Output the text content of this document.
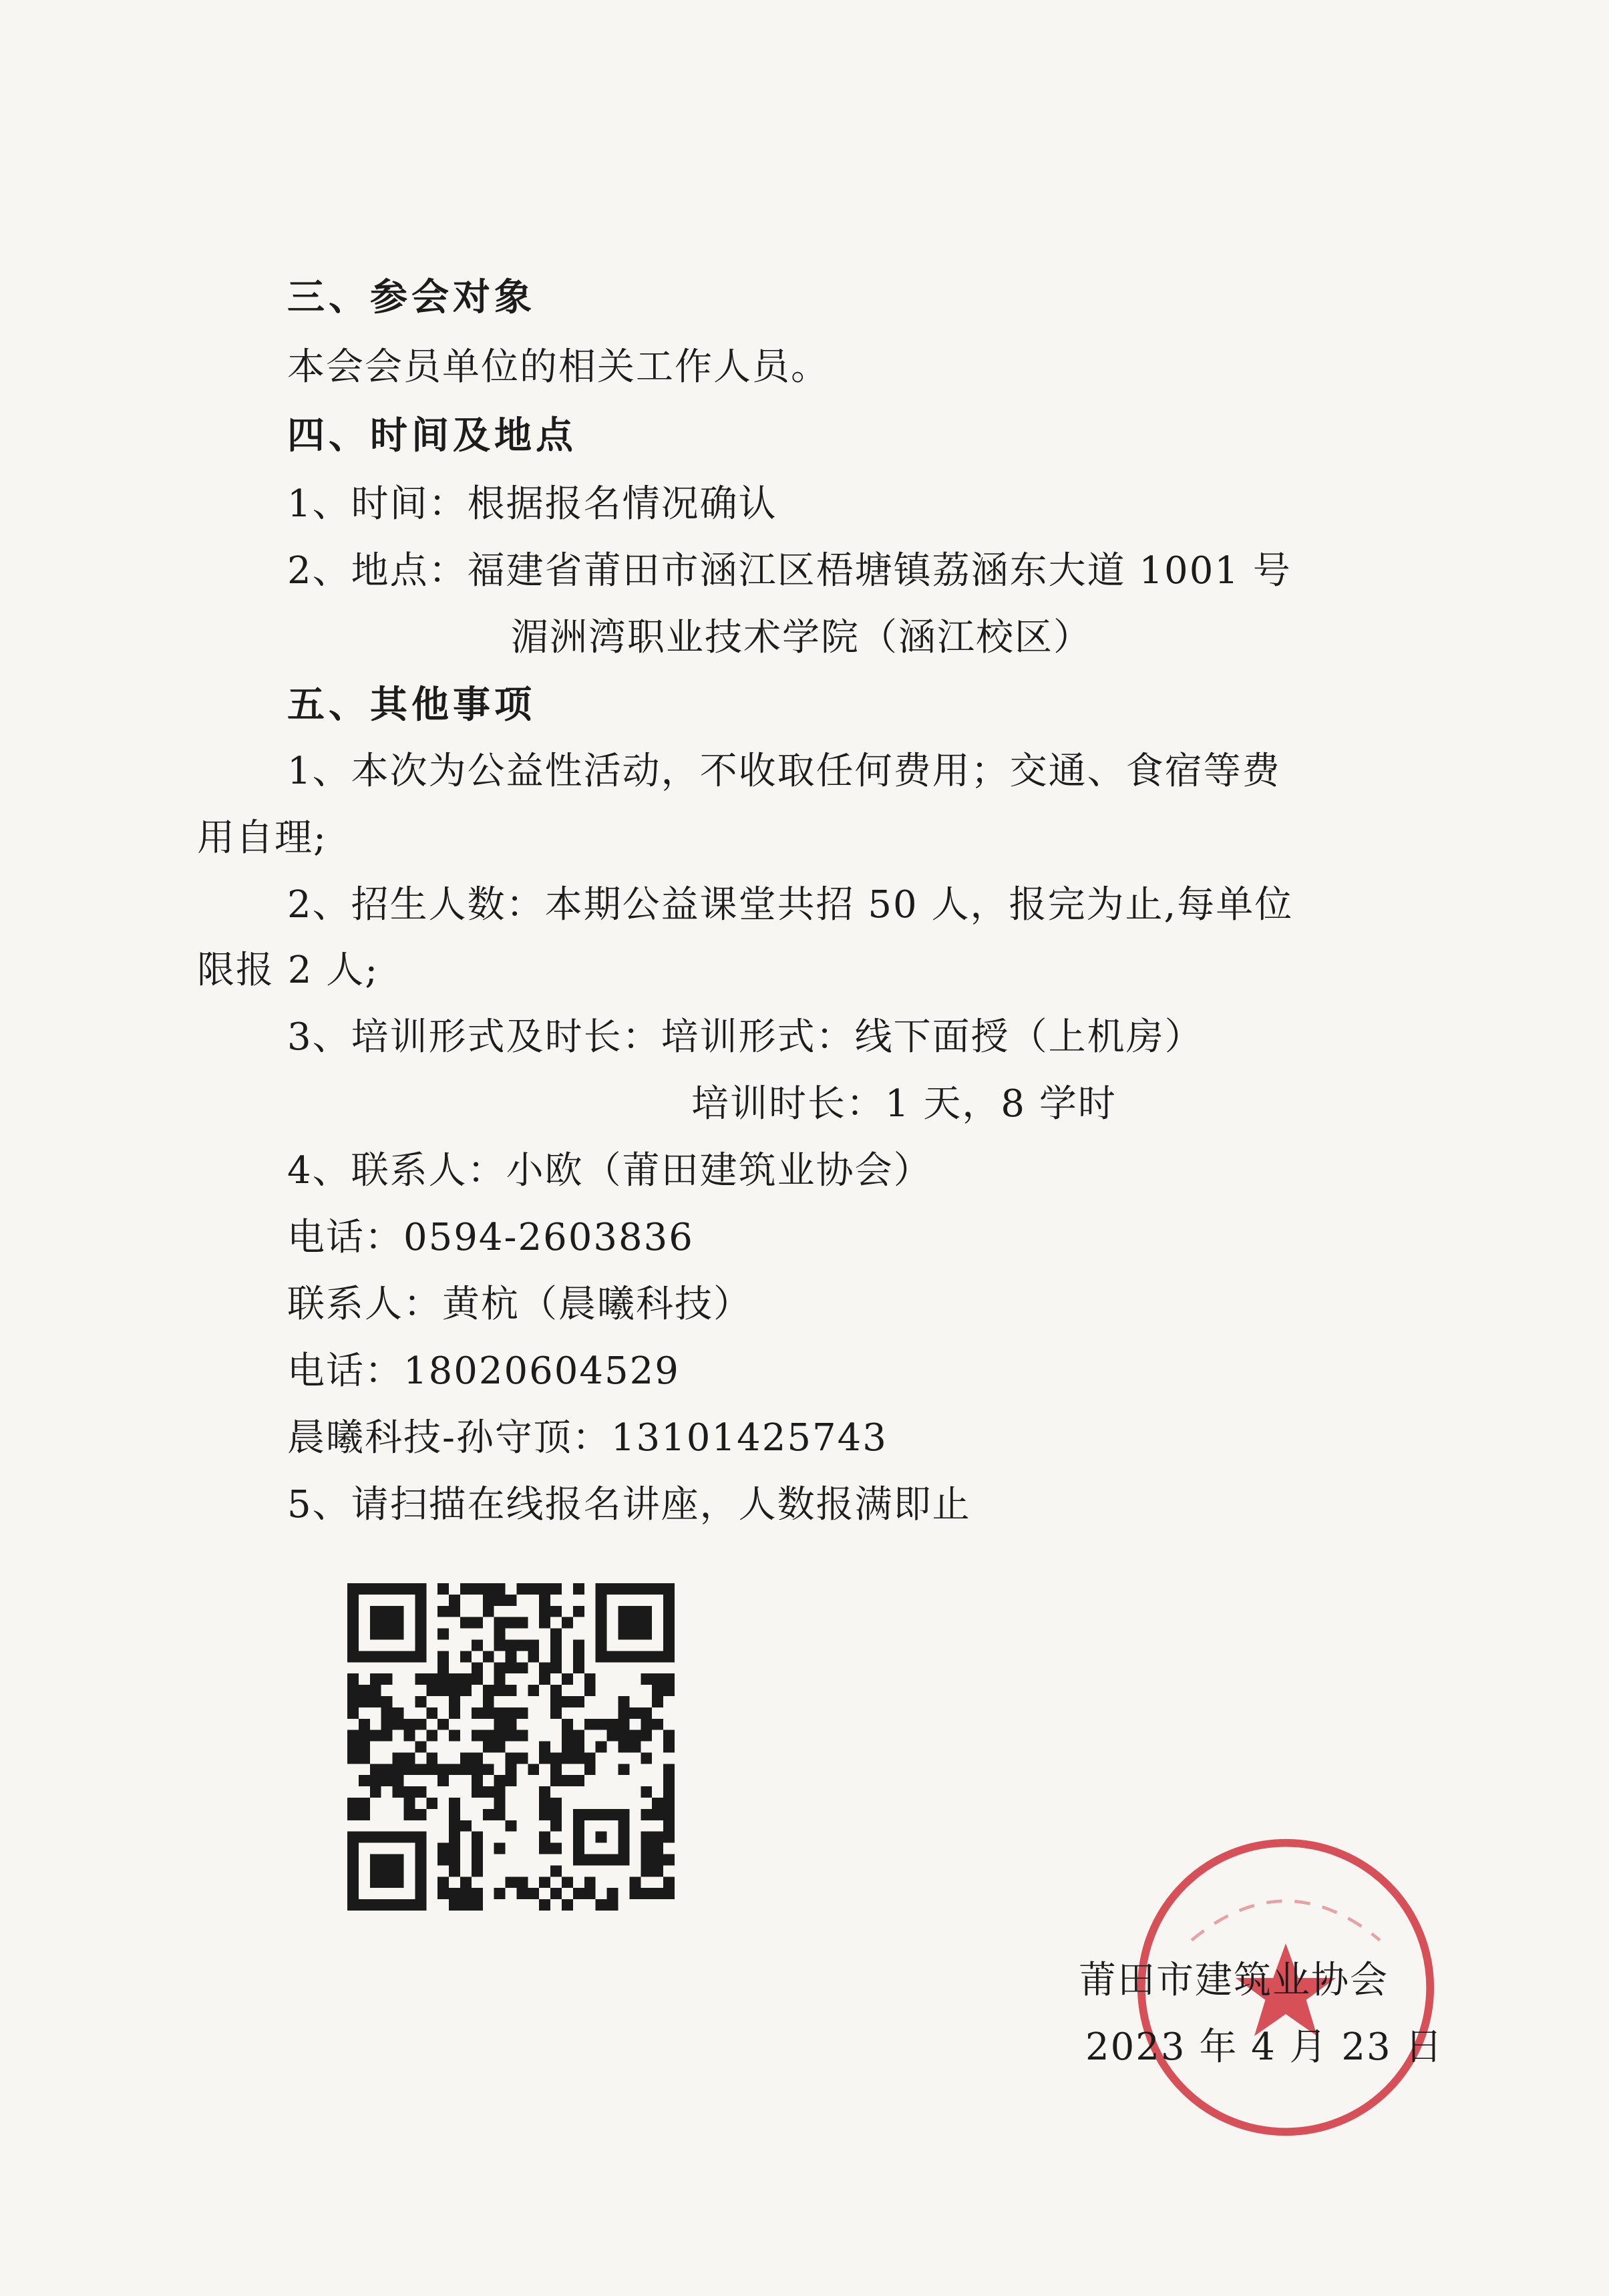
三、参会对象
本会会员单位的相关工作人员。
四、时间及地点
1、时间：根据报名情况确认
2、地点：福建省莆田市涵江区梧塘镇荔涵东大道 1001 号
湄洲湾职业技术学院（涵江校区）
五、其他事项
1、本次为公益性活动，不收取任何费用；交通、食宿等费
用自理;
2、招生人数：本期公益课堂共招 50 人，报完为止,每单位
限报 2 人;
3、培训形式及时长：培训形式：线下面授（上机房）
培训时长：1 天，8 学时
4、联系人：小欧（莆田建筑业协会）
电话：0594-2603836
联系人：黄杭（晨曦科技）
电话：18020604529
晨曦科技-孙守顶：13101425743
5、请扫描在线报名讲座，人数报满即止
莆田市建筑业协会
2023 年 4 月 23 日
